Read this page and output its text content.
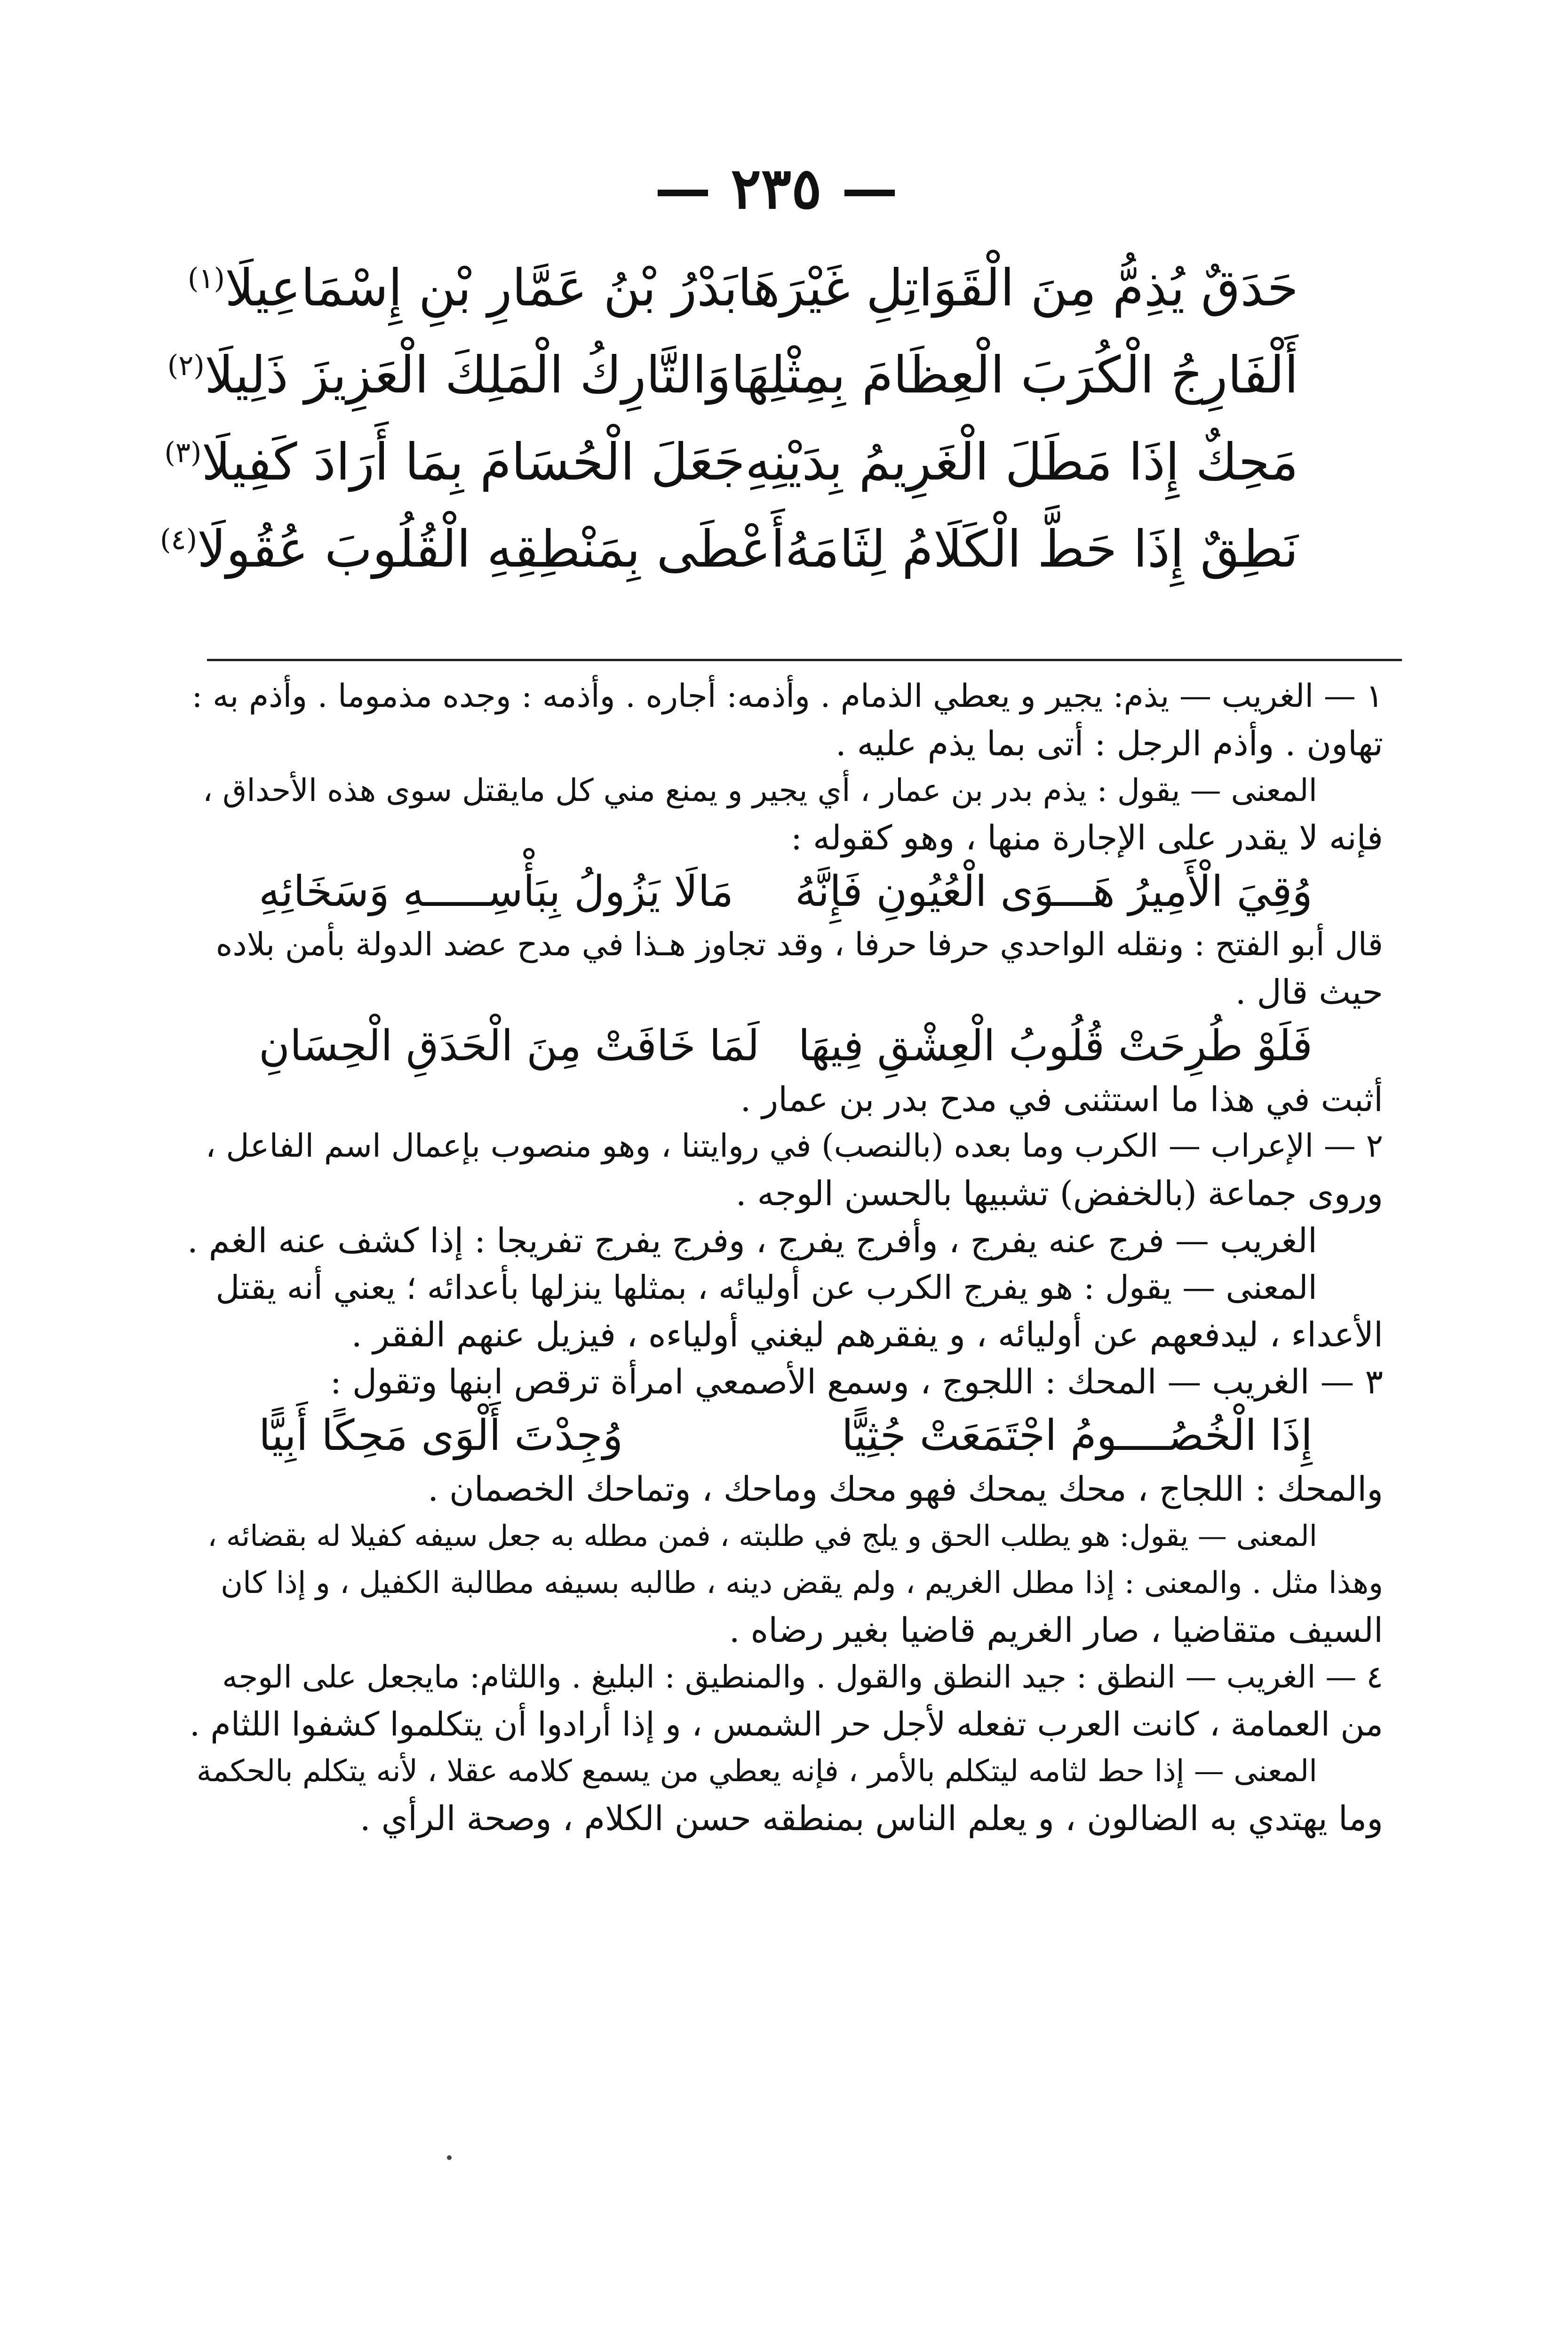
— ٢٣٥ —
حَدَقٌ يُذِمُّ مِنَ الْقَوَاتِلِ غَيْرَهَا
بَدْرُ بْنُ عَمَّارِ بْنِ إِسْمَاعِيلَا$^{(١)}$
أَلْفَارِجُ الْكُرَبَ الْعِظَامَ بِمِثْلِهَا
وَالتَّارِكُ الْمَلِكَ الْعَزِيزَ ذَلِيلَا$^{(٢)}$
مَحِكٌ إِذَا مَطَلَ الْغَرِيمُ بِدَيْنِهِ
جَعَلَ الْحُسَامَ بِمَا أَرَادَ كَفِيلَا$^{(٣)}$
نَطِقٌ إِذَا حَطَّ الْكَلَامُ لِثَامَهُ
أَعْطَى بِمَنْطِقِهِ الْقُلُوبَ عُقُولَا$^{(٤)}$
١ — الغريب — يذم: يجير و يعطي الذمام . وأذمه: أجاره . وأذمه : وجده مذموما . وأذم به :
تهاون . وأذم الرجل : أتى بما يذم عليه .
المعنى — يقول : يذم بدر بن عمار ، أي يجير و يمنع مني كل مايقتل سوى هذه الأحداق ،
فإنه لا يقدر على الإجارة منها ، وهو كقوله :
وُقِيَ الْأَمِيرُ هَـــوَى الْعُيُونِ فَإِنَّهُ
مَالَا يَزُولُ بِبَأْسِـــــهِ وَسَخَائِهِ
قال أبو الفتح : ونقله الواحدي حرفا حرفا ، وقد تجاوز هـذا في مدح عضد الدولة بأمن بلاده
حيث قال .
فَلَوْ طُرِحَتْ قُلُوبُ الْعِشْقِ فِيهَا
لَمَا خَافَتْ مِنَ الْحَدَقِ الْحِسَانِ
أثبت في هذا ما استثنى في مدح بدر بن عمار .
٢ — الإعراب — الكرب وما بعده (بالنصب) في روايتنا ، وهو منصوب بإعمال اسم الفاعل ،
وروى جماعة (بالخفض) تشبيها بالحسن الوجه .
الغريب — فرج عنه يفرج ، وأفرج يفرج ، وفرج يفرج تفريجا : إذا كشف عنه الغم .
المعنى — يقول : هو يفرج الكرب عن أوليائه ، بمثلها ينزلها بأعدائه ؛ يعني أنه يقتل
الأعداء ، ليدفعهم عن أوليائه ، و يفقرهم ليغني أولياءه ، فيزيل عنهم الفقر .
٣ — الغريب — المحك : اللجوج ، وسمع الأصمعي امرأة ترقص ابنها وتقول :
إِذَا الْخُصُــــومُ اجْتَمَعَتْ جُثِيًّا
وُجِدْتَ أَلْوَى مَحِكًا أَبِيًّا
والمحك : اللجاج ، محك يمحك فهو محك وماحك ، وتماحك الخصمان .
المعنى — يقول: هو يطلب الحق و يلج في طلبته ، فمن مطله به جعل سيفه كفيلا له بقضائه ،
وهذا مثل . والمعنى : إذا مطل الغريم ، ولم يقض دينه ، طالبه بسيفه مطالبة الكفيل ، و إذا كان
السيف متقاضيا ، صار الغريم قاضيا بغير رضاه .
٤ — الغريب — النطق : جيد النطق والقول . والمنطيق : البليغ . واللثام: مايجعل على الوجه
من العمامة ، كانت العرب تفعله لأجل حر الشمس ، و إذا أرادوا أن يتكلموا كشفوا اللثام .
المعنى — إذا حط لثامه ليتكلم بالأمر ، فإنه يعطي من يسمع كلامه عقلا ، لأنه يتكلم بالحكمة
وما يهتدي به الضالون ، و يعلم الناس بمنطقه حسن الكلام ، وصحة الرأي .
